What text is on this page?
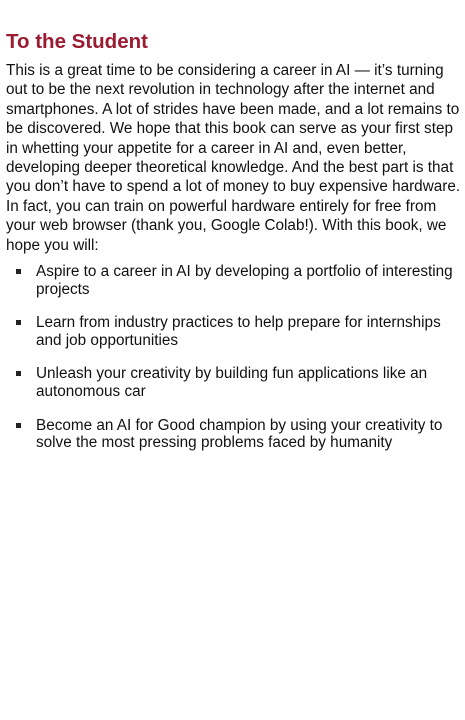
To the Student

This is a great time to be considering a career in AI — it’s turning out to be the next revolution in technology after the internet and smartphones. A lot of strides have been made, and a lot remains to be discovered. We hope that this book can serve as your first step in whetting your appetite for a career in AI and, even better, developing deeper theoretical knowledge. And the best part is that you don’t have to spend a lot of money to buy expensive hardware. In fact, you can train on powerful hardware entirely for free from your web browser (thank you, Google Colab!). With this book, we hope you will:

Aspire to a career in AI by developing a portfolio of interesting projects
Learn from industry practices to help prepare for internships and job opportunities
Unleash your creativity by building fun applications like an autonomous car
Become an AI for Good champion by using your creativity to solve the most pressing problems faced by humanity
